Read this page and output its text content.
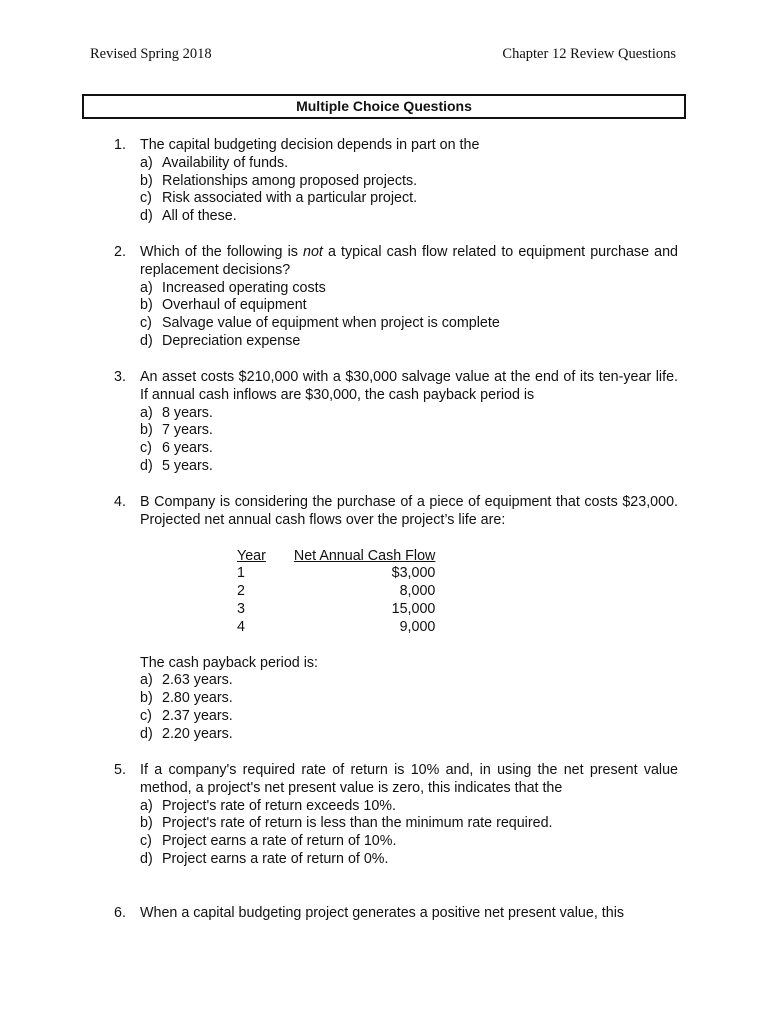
Revised Spring 2018	Chapter 12 Review Questions
Multiple Choice Questions
1. The capital budgeting decision depends in part on the
a) Availability of funds.
b) Relationships among proposed projects.
c) Risk associated with a particular project.
d) All of these.
2. Which of the following is not a typical cash flow related to equipment purchase and replacement decisions?
a) Increased operating costs
b) Overhaul of equipment
c) Salvage value of equipment when project is complete
d) Depreciation expense
3. An asset costs $210,000 with a $30,000 salvage value at the end of its ten-year life. If annual cash inflows are $30,000, the cash payback period is
a) 8 years.
b) 7 years.
c) 6 years.
d) 5 years.
4. B Company is considering the purchase of a piece of equipment that costs $23,000. Projected net annual cash flows over the project’s life are:
Year	Net Annual Cash Flow
1	$3,000
2	8,000
3	15,000
4	9,000
The cash payback period is:
a) 2.63 years.
b) 2.80 years.
c) 2.37 years.
d) 2.20 years.
5. If a company's required rate of return is 10% and, in using the net present value method, a project's net present value is zero, this indicates that the
a) Project's rate of return exceeds 10%.
b) Project's rate of return is less than the minimum rate required.
c) Project earns a rate of return of 10%.
d) Project earns a rate of return of 0%.
6. When a capital budgeting project generates a positive net present value, this
